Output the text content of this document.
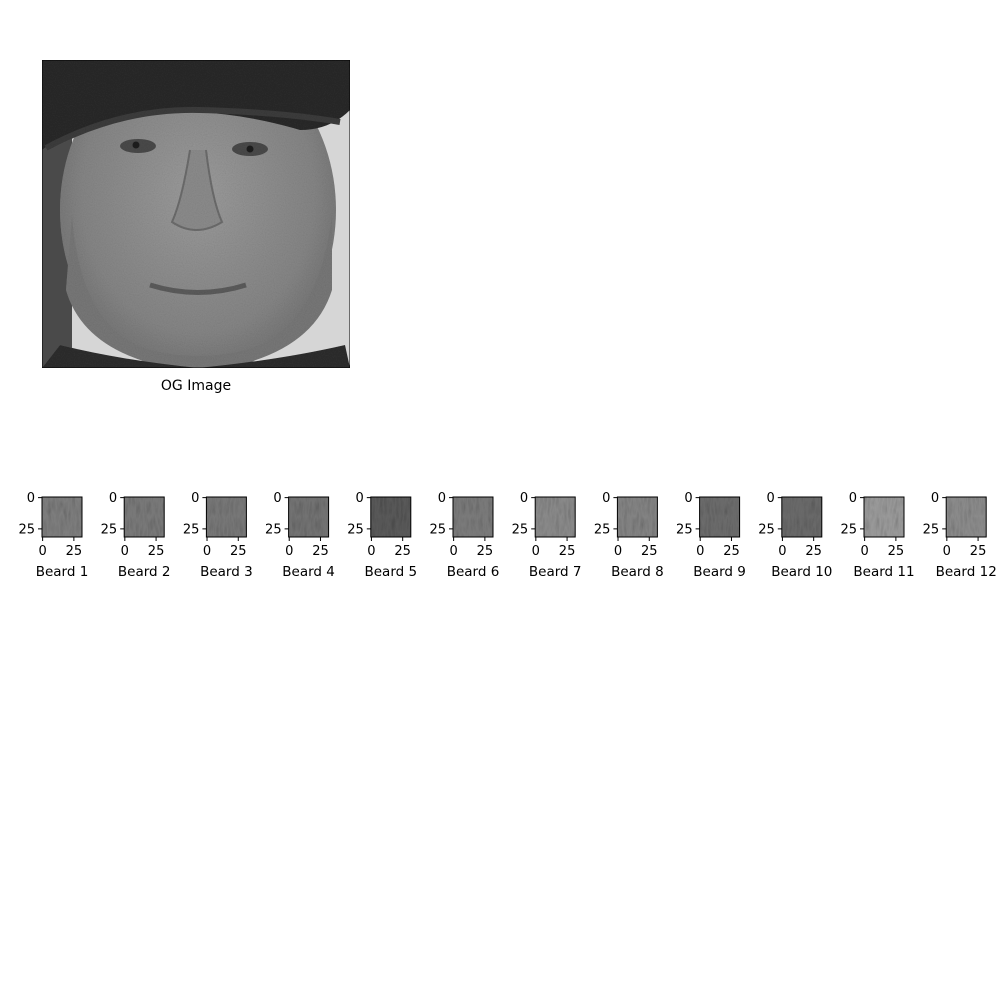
OG Image
0
0
25
25
Beard 1
0
0
25
25
Beard 2
0
0
25
25
Beard 3
0
0
25
25
Beard 4
0
0
25
25
Beard 5
0
0
25
25
Beard 6
0
0
25
25
Beard 7
0
0
25
25
Beard 8
0
0
25
25
Beard 9
0
0
25
25
Beard 10
0
0
25
25
Beard 11
0
0
25
25
Beard 12
